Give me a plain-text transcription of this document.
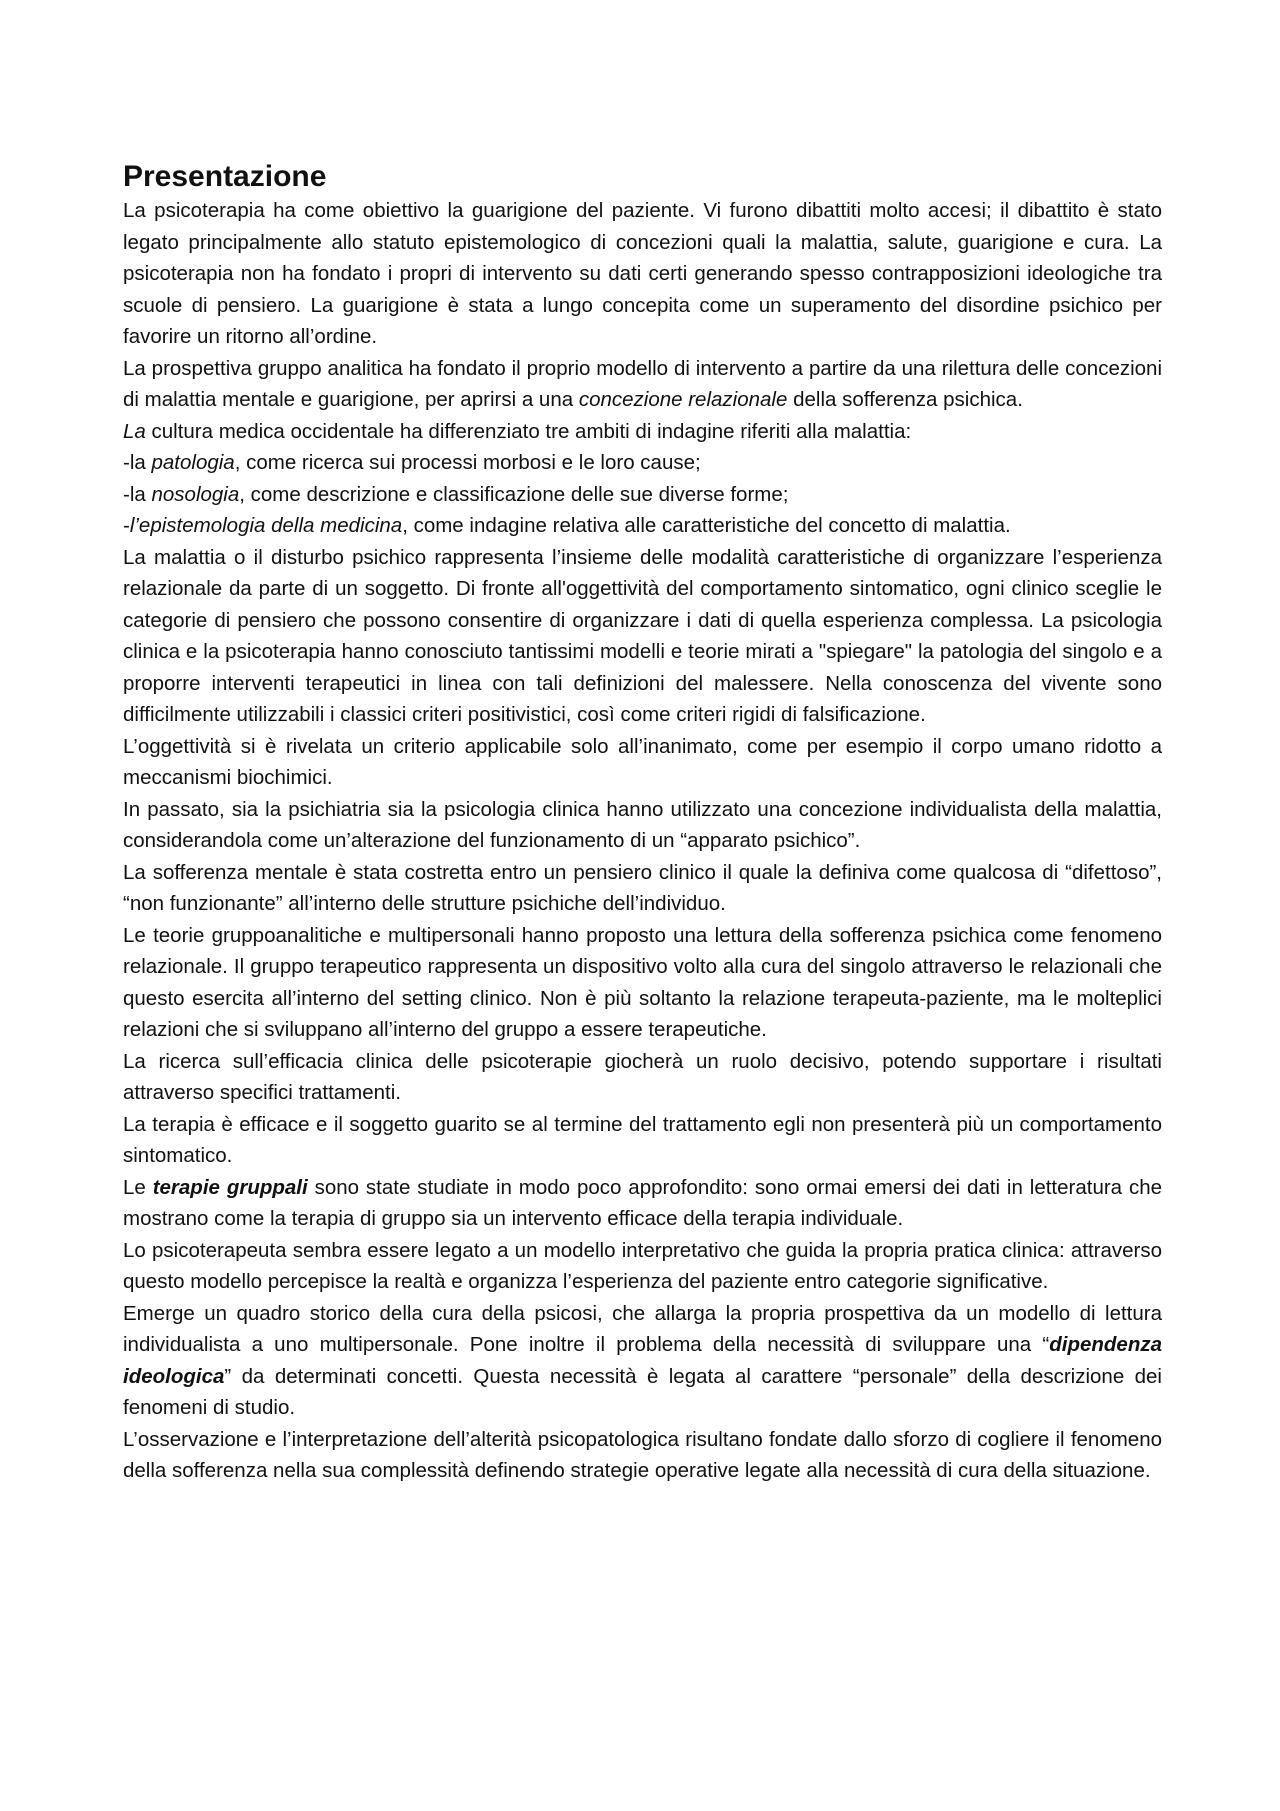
Presentazione

La psicoterapia ha come obiettivo la guarigione del paziente. Vi furono dibattiti molto accesi; il dibattito è stato legato principalmente allo statuto epistemologico di concezioni quali la malattia, salute, guarigione e cura. La psicoterapia non ha fondato i propri di intervento su dati certi generando spesso contrapposizioni ideologiche tra scuole di pensiero. La guarigione è stata a lungo concepita come un superamento del disordine psichico per favorire un ritorno all’ordine.

La prospettiva gruppo analitica ha fondato il proprio modello di intervento a partire da una rilettura delle concezioni di malattia mentale e guarigione, per aprirsi a una concezione relazionale della sofferenza psichica.

La cultura medica occidentale ha differenziato tre ambiti di indagine riferiti alla malattia:

-la patologia, come ricerca sui processi morbosi e le loro cause;

-la nosologia, come descrizione e classificazione delle sue diverse forme;

-l’epistemologia della medicina, come indagine relativa alle caratteristiche del concetto di malattia.

La malattia o il disturbo psichico rappresenta l’insieme delle modalità caratteristiche di organizzare l’esperienza relazionale da parte di un soggetto. Di fronte all'oggettività del comportamento sintomatico, ogni clinico sceglie le categorie di pensiero che possono consentire di organizzare i dati di quella esperienza complessa. La psicologia clinica e la psicoterapia hanno conosciuto tantissimi modelli e teorie mirati a "spiegare" la patologia del singolo e a proporre interventi terapeutici in linea con tali definizioni del malessere. Nella conoscenza del vivente sono difficilmente utilizzabili i classici criteri positivistici, così come criteri rigidi di falsificazione.

L’oggettività si è rivelata un criterio applicabile solo all’inanimato, come per esempio il corpo umano ridotto a meccanismi biochimici.

In passato, sia la psichiatria sia la psicologia clinica hanno utilizzato una concezione individualista della malattia, considerandola come un’alterazione del funzionamento di un “apparato psichico”.

La sofferenza mentale è stata costretta entro un pensiero clinico il quale la definiva come qualcosa di “difettoso”, “non funzionante” all’interno delle strutture psichiche dell’individuo.

Le teorie gruppoanalitiche e multipersonali hanno proposto una lettura della sofferenza psichica come fenomeno relazionale. Il gruppo terapeutico rappresenta un dispositivo volto alla cura del singolo attraverso le relazionali che questo esercita all’interno del setting clinico. Non è più soltanto la relazione terapeuta-paziente, ma le molteplici relazioni che si sviluppano all’interno del gruppo a essere terapeutiche.

La ricerca sull’efficacia clinica delle psicoterapie giocherà un ruolo decisivo, potendo supportare i risultati attraverso specifici trattamenti.

La terapia è efficace e il soggetto guarito se al termine del trattamento egli non presenterà più un comportamento sintomatico.

Le terapie gruppali sono state studiate in modo poco approfondito: sono ormai emersi dei dati in letteratura che mostrano come la terapia di gruppo sia un intervento efficace della terapia individuale.

Lo psicoterapeuta sembra essere legato a un modello interpretativo che guida la propria pratica clinica: attraverso questo modello percepisce la realtà e organizza l’esperienza del paziente entro categorie significative.

Emerge un quadro storico della cura della psicosi, che allarga la propria prospettiva da un modello di lettura individualista a uno multipersonale. Pone inoltre il problema della necessità di sviluppare una “dipendenza ideologica” da determinati concetti. Questa necessità è legata al carattere “personale” della descrizione dei fenomeni di studio.

L’osservazione e l’interpretazione dell’alterità psicopatologica risultano fondate dallo sforzo di cogliere il fenomeno della sofferenza nella sua complessità definendo strategie operative legate alla necessità di cura della situazione.
